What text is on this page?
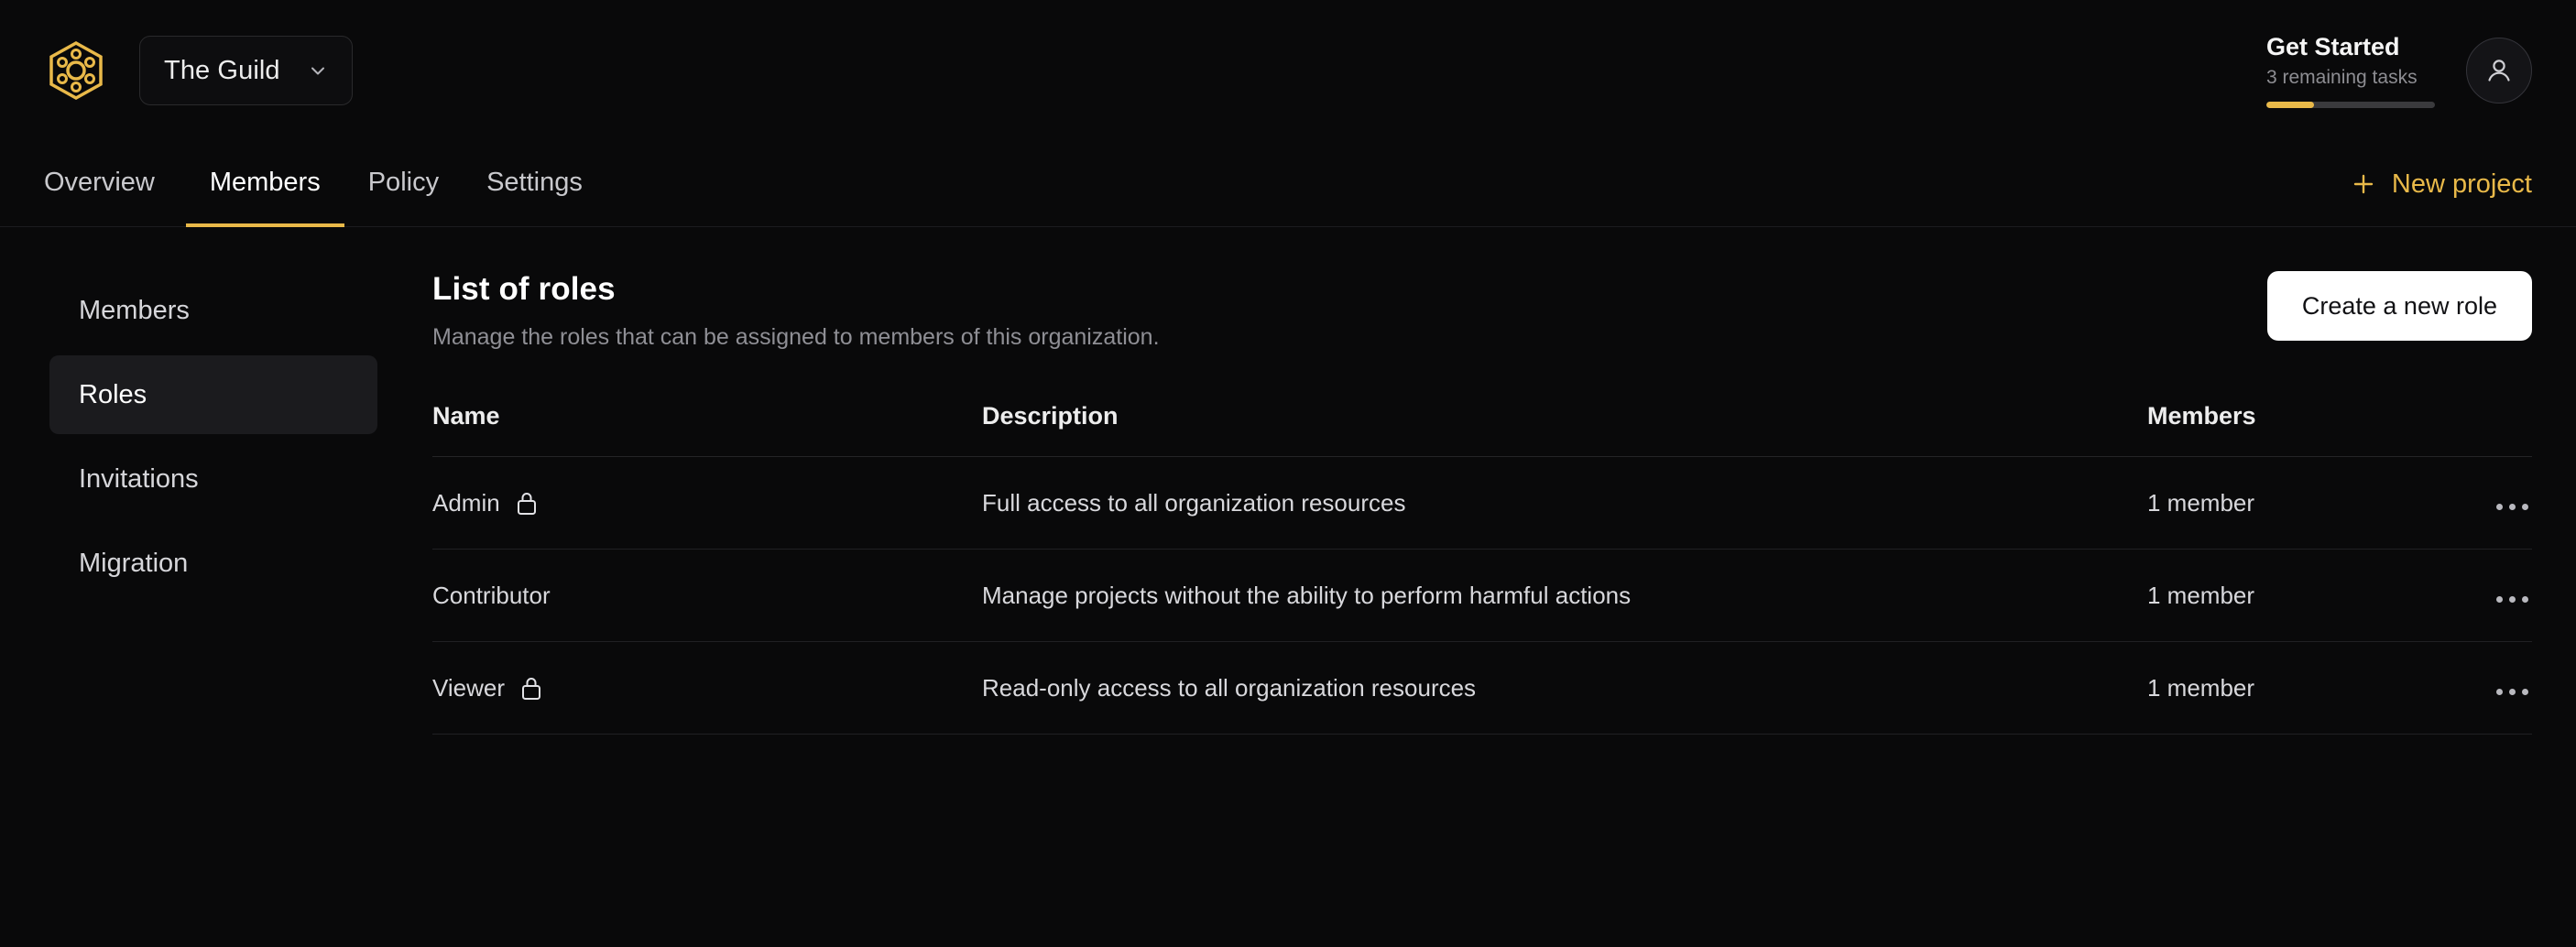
The Guild
Get Started
3 remaining tasks
Overview Members Policy Settings	New project
Members
Roles
Invitations
Migration
List of roles
Manage the roles that can be assigned to members of this organization.
Create a new role
Name	Description	Members	

Admin	Full access to all organization resources	1 member	

Contributor	Manage projects without the ability to perform harmful actions	1 member	

Viewer	Read-only access to all organization resources	1 member	
